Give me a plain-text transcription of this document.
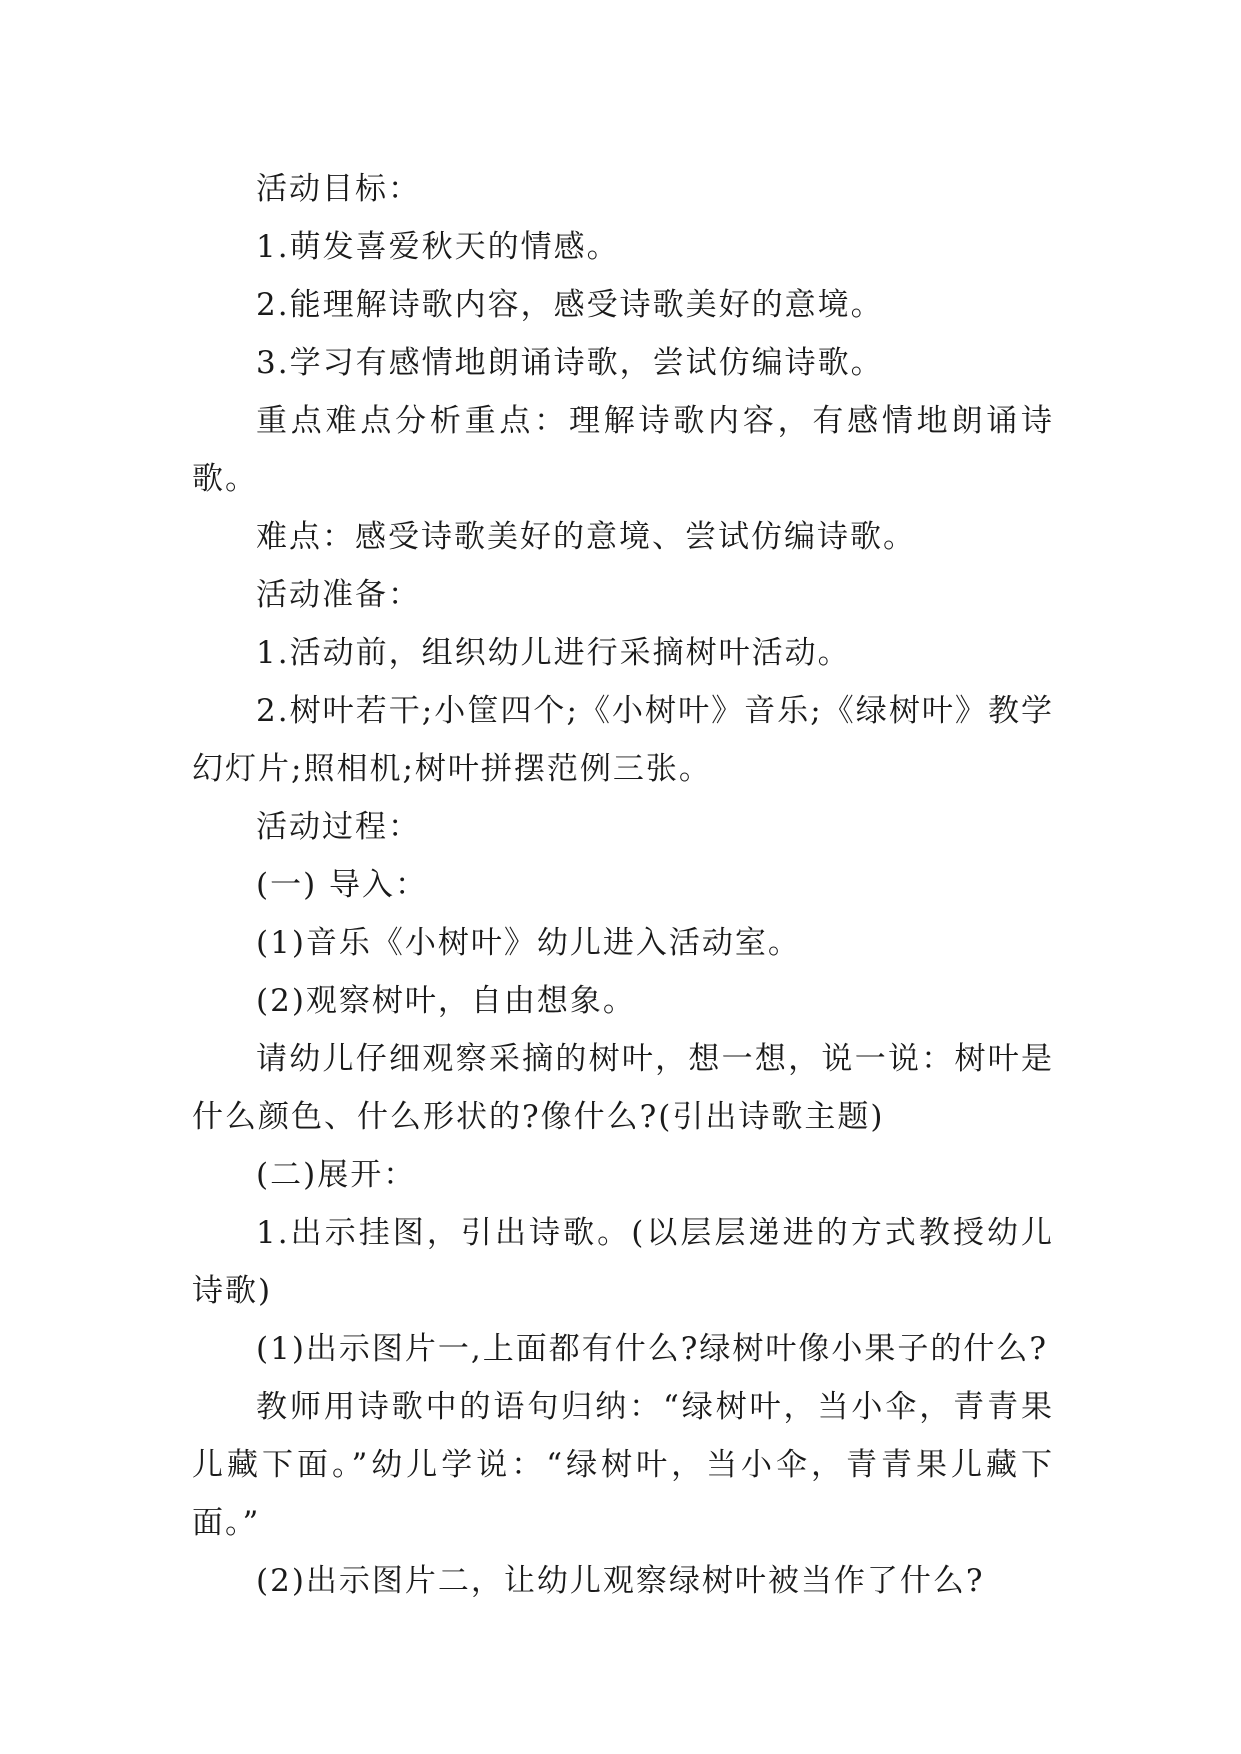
活动目标：

1.萌发喜爱秋天的情感。

2.能理解诗歌内容，感受诗歌美好的意境。

3.学习有感情地朗诵诗歌，尝试仿编诗歌。

重点难点分析重点：理解诗歌内容，有感情地朗诵诗歌。

难点：感受诗歌美好的意境、尝试仿编诗歌。

活动准备：

1.活动前，组织幼儿进行采摘树叶活动。

2.树叶若干;小筐四个;《小树叶》音乐;《绿树叶》教学幻灯片;照相机;树叶拼摆范例三张。

活动过程：

(一) 导入：

(1)音乐《小树叶》幼儿进入活动室。

(2)观察树叶，自由想象。

请幼儿仔细观察采摘的树叶，想一想，说一说：树叶是什么颜色、什么形状的?像什么?(引出诗歌主题)

(二)展开：

1.出示挂图，引出诗歌。(以层层递进的方式教授幼儿诗歌)

(1)出示图片一,上面都有什么?绿树叶像小果子的什么?

教师用诗歌中的语句归纳：“绿树叶，当小伞，青青果儿藏下面。”幼儿学说：“绿树叶，当小伞，青青果儿藏下面。”

(2)出示图片二，让幼儿观察绿树叶被当作了什么?
